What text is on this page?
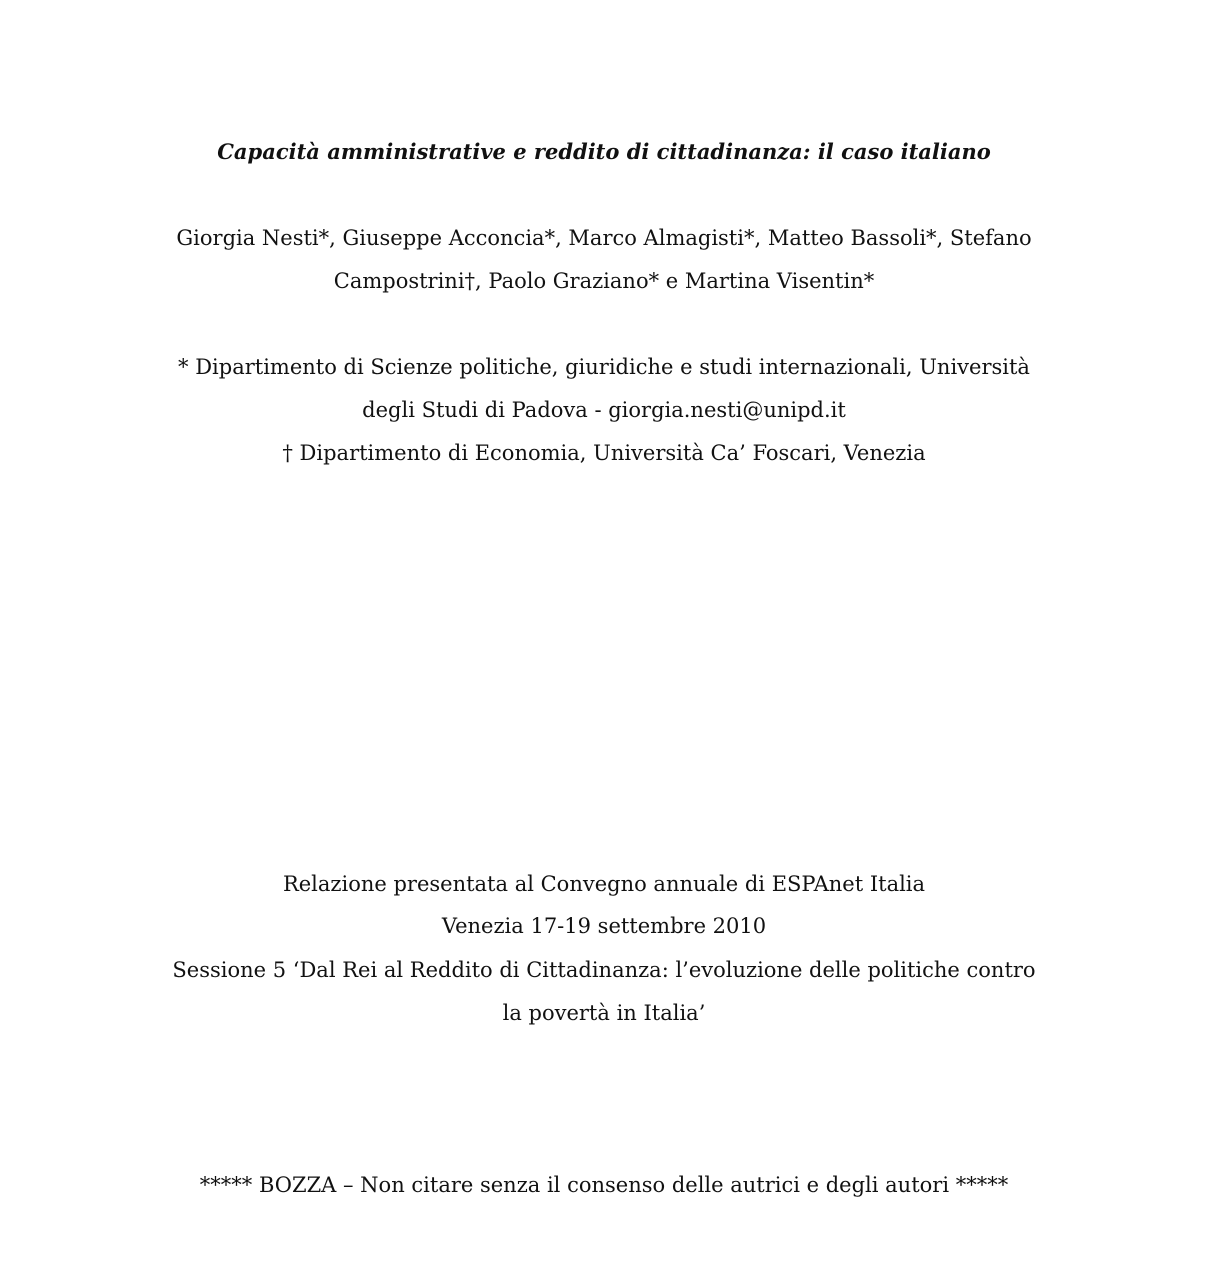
Capacità amministrative e reddito di cittadinanza: il caso italiano
Giorgia Nesti*, Giuseppe Acconcia*, Marco Almagisti*, Matteo Bassoli*, Stefano
Campostrini†, Paolo Graziano* e Martina Visentin*
* Dipartimento di Scienze politiche, giuridiche e studi internazionali, Università
degli Studi di Padova - giorgia.nesti@unipd.it
† Dipartimento di Economia, Università Ca’ Foscari, Venezia
Relazione presentata al Convegno annuale di ESPAnet Italia
Venezia 17-19 settembre 2010
Sessione 5 ‘Dal Rei al Reddito di Cittadinanza: l’evoluzione delle politiche contro
la povertà in Italia’
***** BOZZA – Non citare senza il consenso delle autrici e degli autori *****
